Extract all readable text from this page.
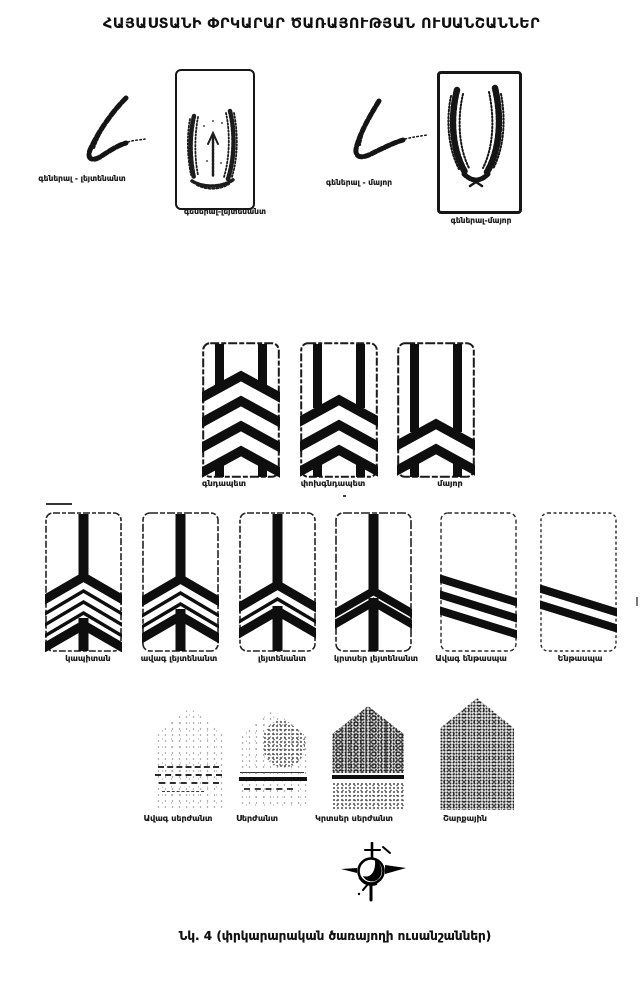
ՀԱՅԱՍՏԱՆԻ ՓՐԿԱՐԱՐ ԾԱՌԱՅՈՒԹՅԱՆ ՈՒՍԱՆՇԱՆՆԵՐ
գեներալ - լեյտենանտ
գեներալ-լեյտենանտ
գեներալ - մայոր
գեներալ-մայոր
գնդապետ	փոխգնդապետ	մայոր
կապիտան	ավագ լեյտենանտ	լեյտենանտ	կրտսեր լեյտենանտ	Ավագ ենթասպա	Ենթասպա
Ավագ սերժանտ	Սերժանտ	Կրտսեր սերժանտ	Շարքային
Նկ. 4 (փրկարարական ծառայողի ուսանշաններ)
